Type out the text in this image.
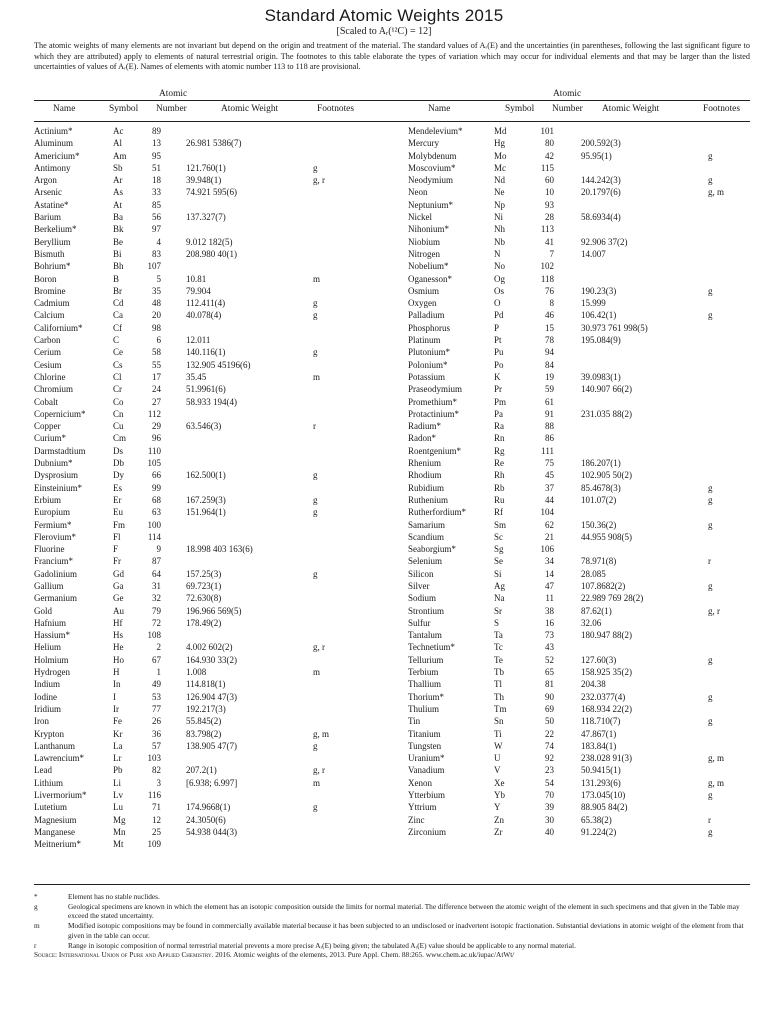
Standard Atomic Weights 2015
[Scaled to Aᵣ(¹²C) = 12]
The atomic weights of many elements are not invariant but depend on the origin and treatment of the material. The standard values of Aᵣ(E) and the uncertainties (in parentheses, following the last significant figure to which they are attributed) apply to elements of natural terrestrial origin. The footnotes to this table elaborate the types of variation which may occur for individual elements and that may be larger than the listed uncertainties of values of Aᵣ(E). Names of elements with atomic number 113 to 118 are provisional.
Atomic
Name	Symbol Number	Atomic Weight	Footnotes
Atomic
Name	Symbol Number Atomic Weight	Footnotes
Actinium*	Ac	89
Aluminum	Al	13	26.981 5386(7)
Americium*	Am	95
Antimony	Sb	51	121.760(1)	g
Argon	Ar	18	39.948(1)	g, r
Arsenic	As	33	74.921 595(6)
Astatine*	At	85
Barium	Ba	56	137.327(7)
Berkelium*	Bk	97
Beryllium	Be	4	9.012 182(5)
Bismuth	Bi	83	208.980 40(1)
Bohrium*	Bh	107
Boron	B	5	10.81	m
Bromine	Br	35	79.904
Cadmium	Cd	48	112.411(4)	g
Calcium	Ca	20	40.078(4)	g
Californium*	Cf	98
Carbon	C	6	12.011
Cerium	Ce	58	140.116(1)	g
Cesium	Cs	55	132.905 45196(6)
Chlorine	Cl	17	35.45	m
Chromium	Cr	24	51.9961(6)
Cobalt	Co	27	58.933 194(4)
Copernicium*	Cn	112
Copper	Cu	29	63.546(3)	r
Curium*	Cm	96
Darmstadtium	Ds	110
Dubnium*	Db	105
Dysprosium	Dy	66	162.500(1)	g
Einsteinium*	Es	99
Erbium	Er	68	167.259(3)	g
Europium	Eu	63	151.964(1)	g
Fermium*	Fm 100
Flerovium*	Fl	114
Fluorine	F	9	18.998 403 163(6)
Francium*	Fr	87
Gadolinium	Gd	64	157.25(3)	g
Gallium	Ga	31	69.723(1)
Germanium	Ge	32	72.630(8)
Gold	Au	79	196.966 569(5)
Hafnium	Hf	72	178.49(2)
Hassium*	Hs	108
Helium	He	2	4.002 602(2)	g, r
Holmium	Ho	67	164.930 33(2)
Hydrogen	H	1	1.008	m
Indium	In	49	114.818(1)
Iodine	I	53	126.904 47(3)
Iridium	Ir	77	192.217(3)
Iron	Fe	26	55.845(2)
Krypton	Kr	36	83.798(2)	g, m
Lanthanum	La	57	138.905 47(7)	g
Lawrencium*	Lr	103
Lead	Pb	82	207.2(1)	g, r
Lithium	Li	3	[6.938; 6.997]	m
Livermorium*	Lv	116
Lutetium	Lu	71	174.9668(1)	g
Magnesium	Mg	12	24.3050(6)
Manganese	Mn	25	54.938 044(3)
Meitnerium*	Mt	109
Mendelevium*	Md	101
Mercury	Hg	80	200.592(3)
Molybdenum	Mo	42	95.95(1)	g
Moscovium*	Mc	115
Neodymium	Nd	60	144.242(3)	g
Neon	Ne	10	20.1797(6)	g, m
Neptunium*	Np	93
Nickel	Ni	28	58.6934(4)
Nihonium*	Nh	113
Niobium	Nb	41	92.906 37(2)
Nitrogen	N	7	14.007
Nobelium*	No	102
Oganesson*	Og	118
Osmium	Os	76	190.23(3)	g
Oxygen	O	8	15.999
Palladium	Pd	46	106.42(1)	g
Phosphorus	P	15	30.973 761 998(5)
Platinum	Pt	78	195.084(9)
Plutonium*	Pu	94
Polonium*	Po	84
Potassium	K	19	39.0983(1)
Praseodymium	Pr	59	140.907 66(2)
Promethium*	Pm	61
Protactinium*	Pa	91	231.035 88(2)
Radium*	Ra	88
Radon*	Rn	86
Roentgenium*	Rg	111
Rhenium	Re	75	186.207(1)
Rhodium	Rh	45	102.905 50(2)
Rubidium	Rb	37	85.4678(3)	g
Ruthenium	Ru	44	101.07(2)	g
Rutherfordium*	Rf	104
Samarium	Sm	62	150.36(2)	g
Scandium	Sc	21	44.955 908(5)
Seaborgium*	Sg	106
Selenium	Se	34	78.971(8)	r
Silicon	Si	14	28.085
Silver	Ag	47	107.8682(2)	g
Sodium	Na	11	22.989 769 28(2)
Strontium	Sr	38	87.62(1)	g, r
Sulfur	S	16	32.06
Tantalum	Ta	73	180.947 88(2)
Technetium*	Tc	43
Tellurium	Te	52	127.60(3)	g
Terbium	Tb	65	158.925 35(2)
Thallium	Tl	81	204.38
Thorium*	Th	90	232.0377(4)	g
Thulium	Tm	69	168.934 22(2)
Tin	Sn	50	118.710(7)	g
Titanium	Ti	22	47.867(1)
Tungsten	W	74	183.84(1)
Uranium*	U	92	238.028 91(3)	g, m
Vanadium	V	23	50.9415(1)
Xenon	Xe	54	131.293(6)	g, m
Ytterbium	Yb	70	173.045(10)	g
Yttrium	Y	39	88.905 84(2)
Zinc	Zn	30	65.38(2)	r
Zirconium	Zr	40	91.224(2)	g
*	Element has no stable nuclides.
g	Geological specimens are known in which the element has an isotopic composition outside the limits for normal material. The difference between the atomic weight of the element in such specimens and that given in the Table may exceed the stated uncertainty.
m	Modified isotopic compositions may be found in commercially available material because it has been subjected to an undisclosed or inadvertent isotopic fractionation. Substantial deviations in atomic weight of the element from that given in the table can occur.
r	Range in isotopic composition of normal terrestrial material prevents a more precise Aᵣ(E) being given; the tabulated Aᵣ(E) value should be applicable to any normal material.
Source: International Union of Pure and Applied Chemistry. 2016. Atomic weights of the elements, 2013. Pure Appl. Chem. 88:265. www.chem.ac.uk/iupac/AtWt/
